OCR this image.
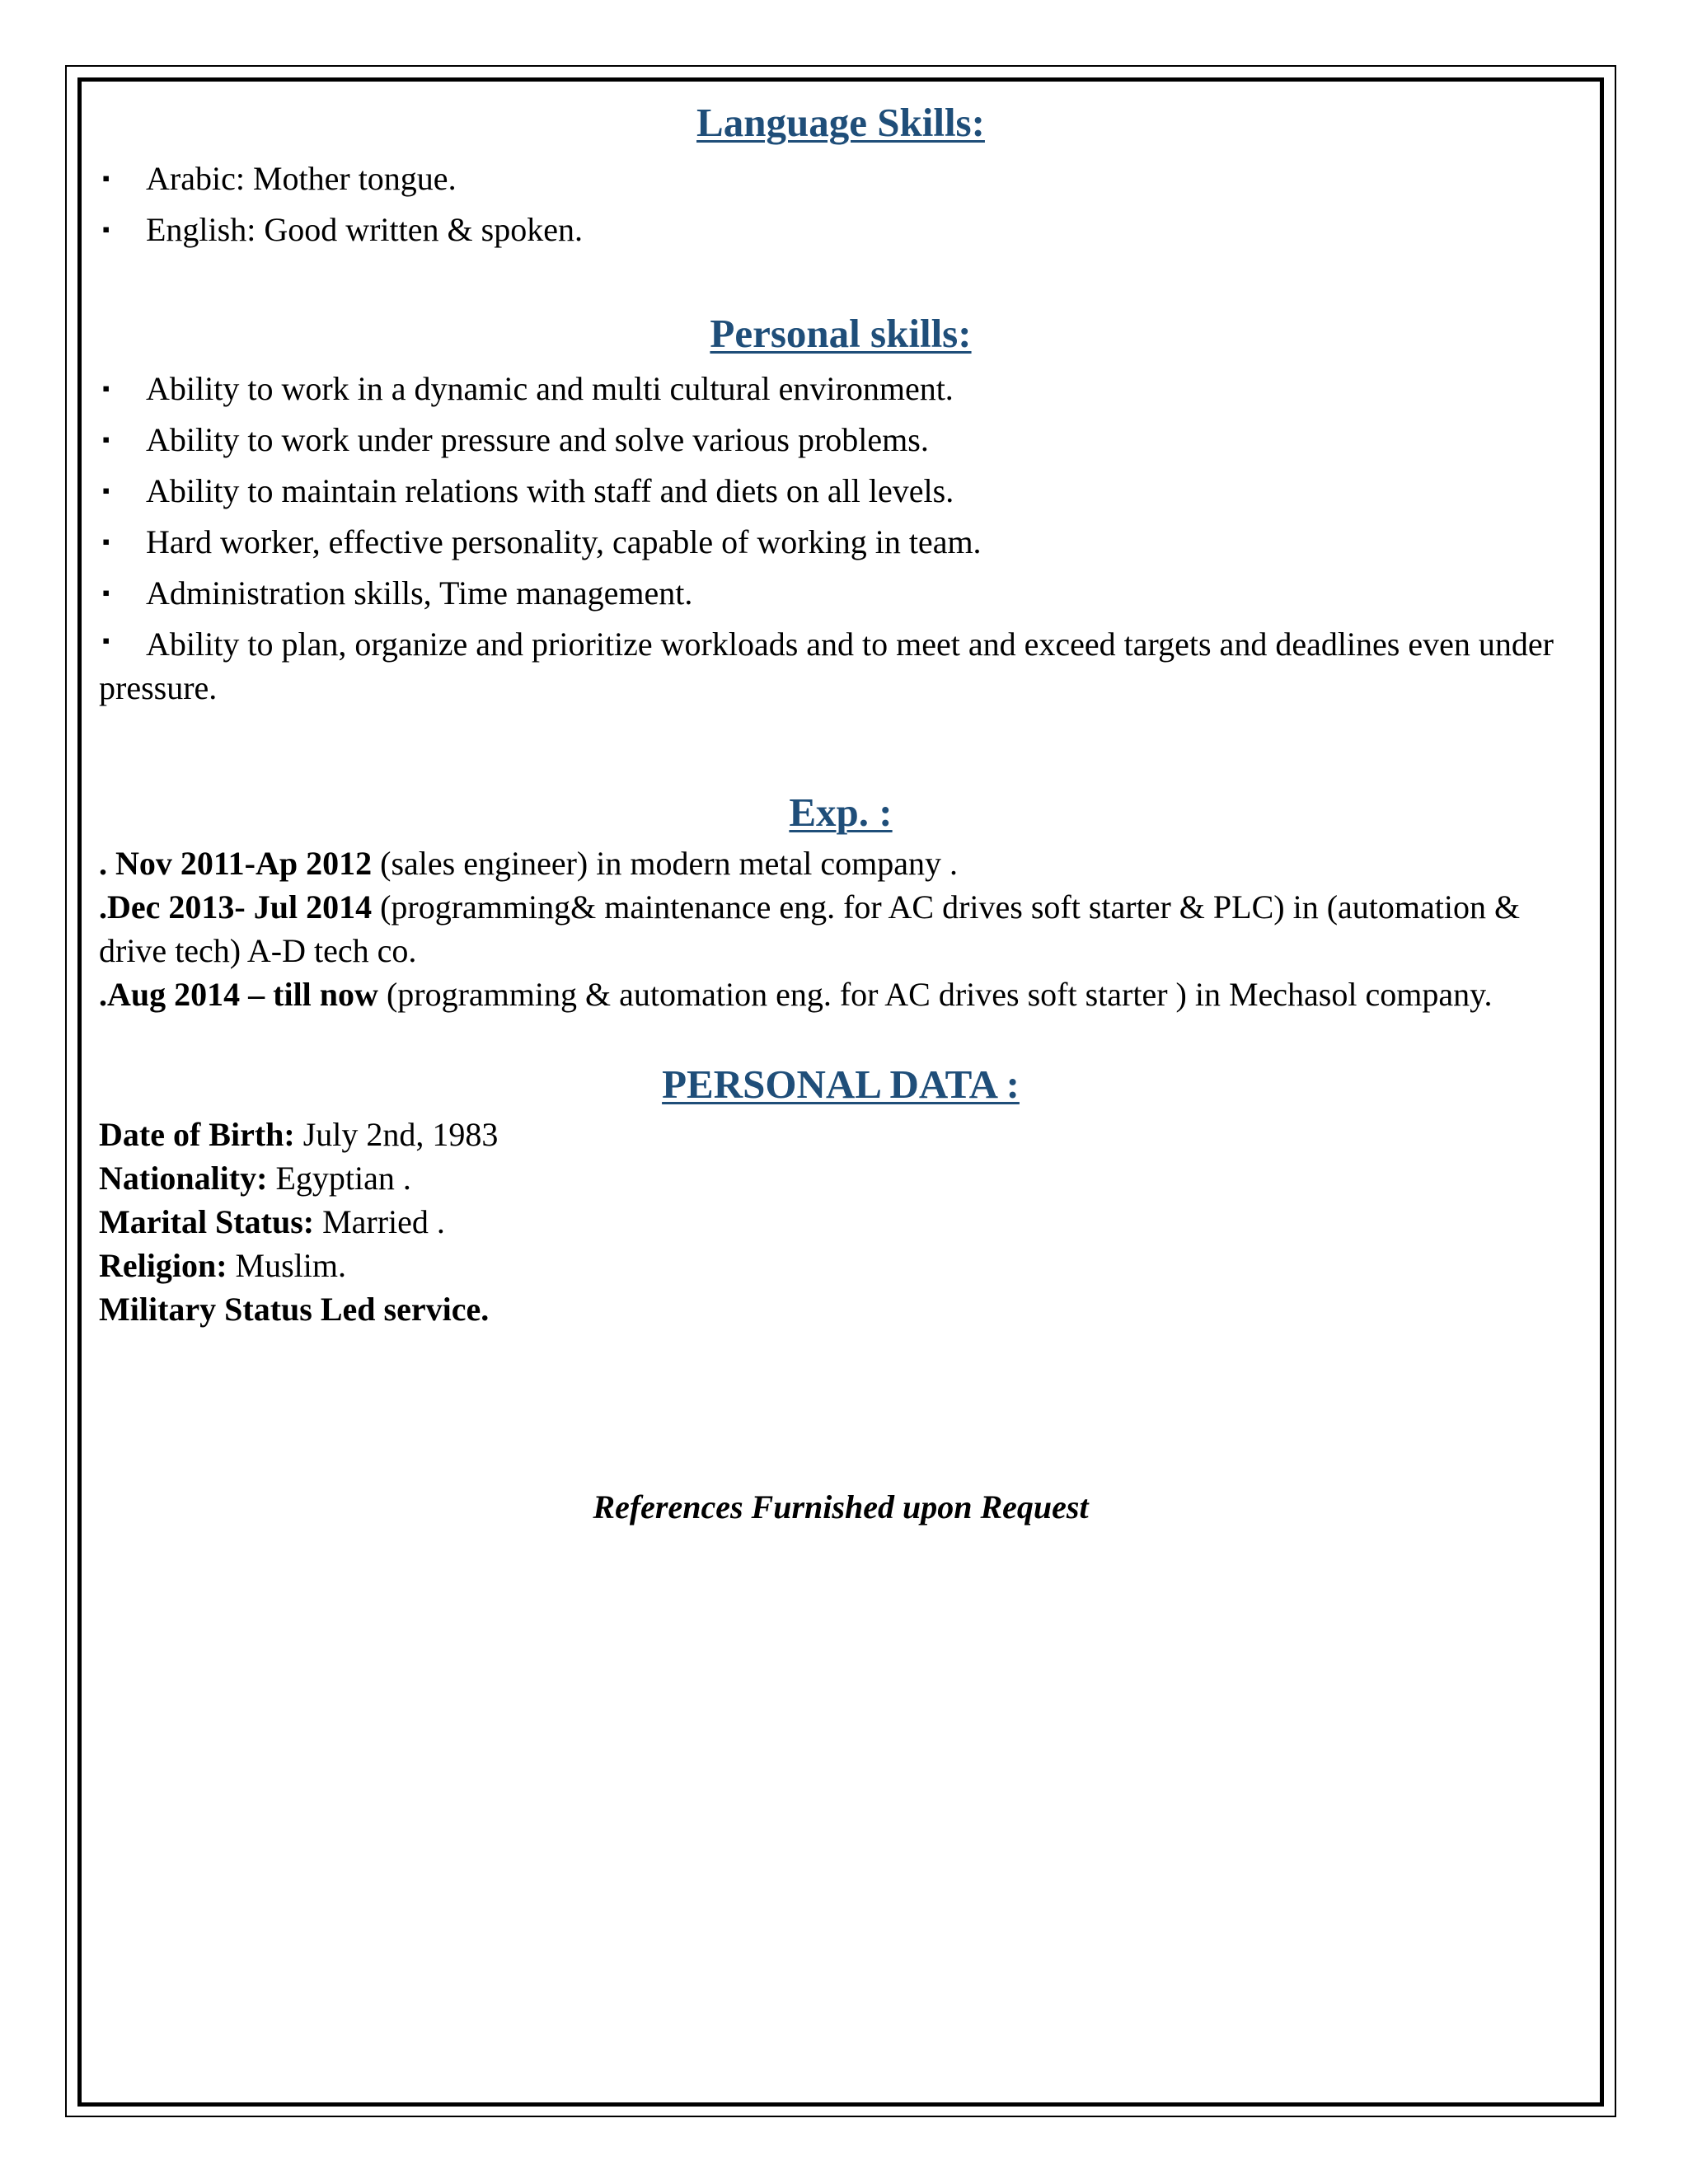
Language Skills:
▪ Arabic: Mother tongue.
▪ English: Good written & spoken.
Personal skills:
▪ Ability to work in a dynamic and multi cultural environment.
▪ Ability to work under pressure and solve various problems.
▪ Ability to maintain relations with staff and diets on all levels.
▪ Hard worker, effective personality, capable of working in team.
▪ Administration skills, Time management.
▪ Ability to plan, organize and prioritize workloads and to meet and exceed targets and deadlines even under pressure.
Exp. :
. Nov 2011-Ap 2012 (sales engineer) in modern metal company .
.Dec 2013- Jul 2014 (programming& maintenance eng. for AC drives soft starter & PLC) in (automation & drive tech) A-D tech co.
.Aug 2014 – till now (programming & automation eng. for AC drives soft starter ) in Mechasol company.
PERSONAL DATA :
Date of Birth: July 2nd, 1983
Nationality: Egyptian .
Marital Status: Married .
Religion: Muslim.
Military Status Led service.
References Furnished upon Request
